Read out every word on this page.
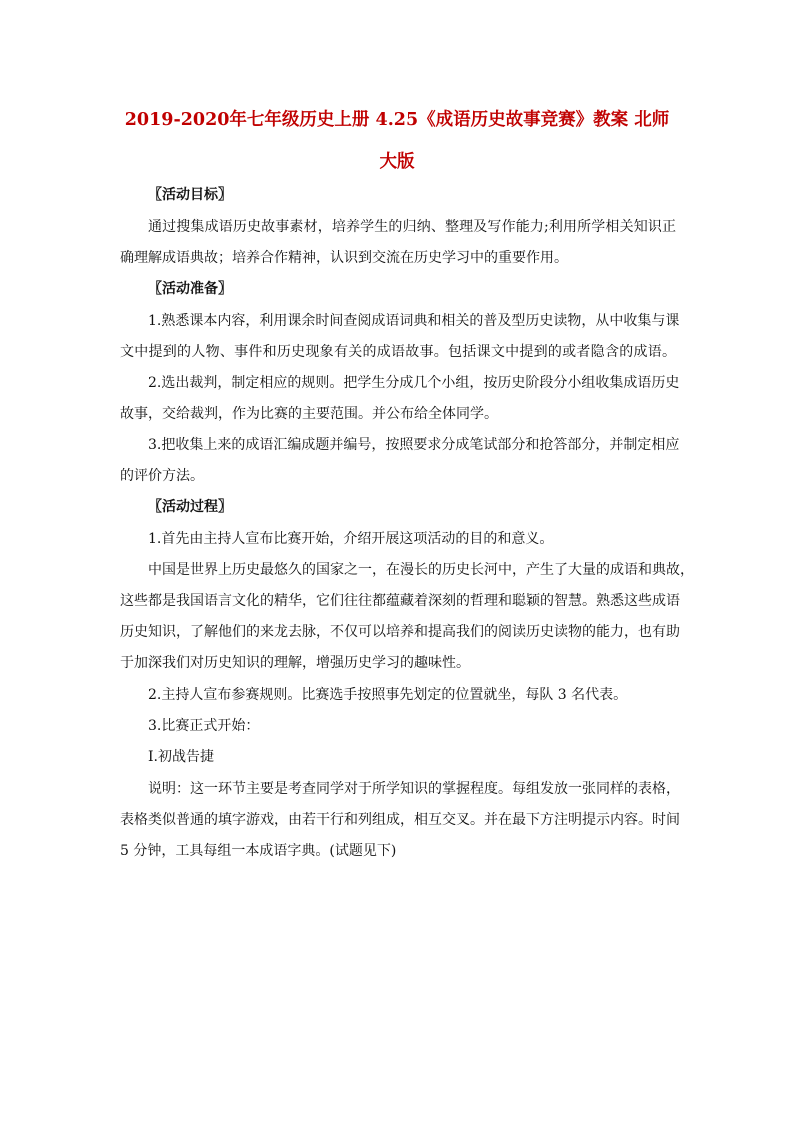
2019-2020年七年级历史上册 4.25《成语历史故事竞赛》教案 北师
大版
〖活动目标〗
通过搜集成语历史故事素材，培养学生的归纳、整理及写作能力;利用所学相关知识正
确理解成语典故；培养合作精神，认识到交流在历史学习中的重要作用。
〖活动准备〗
1.熟悉课本内容，利用课余时间查阅成语词典和相关的普及型历史读物，从中收集与课
文中提到的人物、事件和历史现象有关的成语故事。包括课文中提到的或者隐含的成语。
2.选出裁判，制定相应的规则。把学生分成几个小组，按历史阶段分小组收集成语历史
故事，交给裁判，作为比赛的主要范围。并公布给全体同学。
3.把收集上来的成语汇编成题并编号，按照要求分成笔试部分和抢答部分，并制定相应
的评价方法。
〖活动过程〗
1.首先由主持人宣布比赛开始，介绍开展这项活动的目的和意义。
中国是世界上历史最悠久的国家之一，在漫长的历史长河中，产生了大量的成语和典故，
这些都是我国语言文化的精华，它们往往都蕴藏着深刻的哲理和聪颖的智慧。熟悉这些成语
历史知识，了解他们的来龙去脉，不仅可以培养和提高我们的阅读历史读物的能力，也有助
于加深我们对历史知识的理解，增强历史学习的趣味性。
2.主持人宣布参赛规则。比赛选手按照事先划定的位置就坐，每队 3 名代表。
3.比赛正式开始：
Ⅰ.初战告捷
说明：这一环节主要是考查同学对于所学知识的掌握程度。每组发放一张同样的表格，
表格类似普通的填字游戏，由若干行和列组成，相互交叉。并在最下方注明提示内容。时间
5 分钟，工具每组一本成语字典。(试题见下)
